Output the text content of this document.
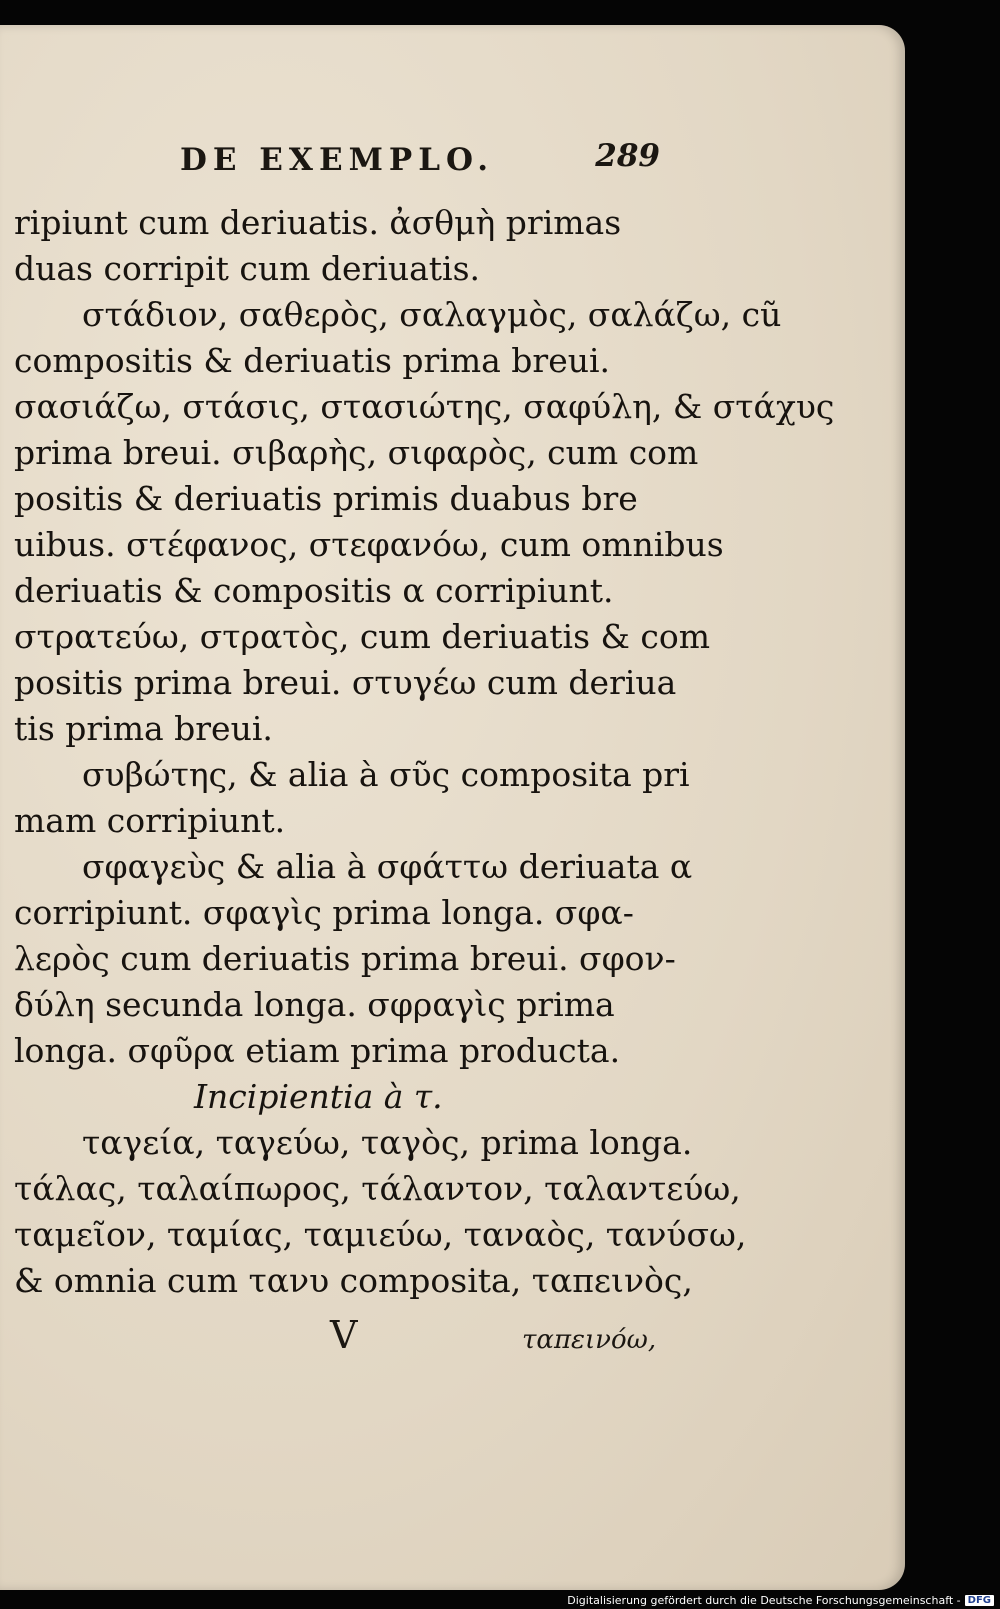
DE EXEMPLO.	289
ripiunt cum deriuatis. ἀσθμὴ primas
duas corripit cum deriuatis.
στάδιον, σαθερὸς, σαλαγμὸς, σαλάζω, cũ
compositis & deriuatis prima breui.
σασιάζω, στάσις, στασιώτης, σαφύλη, & στάχυς
prima breui. σιβαρὴς, σιφαρὸς, cum com
positis & deriuatis primis duabus bre
uibus. στέφανος, στεφανόω, cum omnibus
deriuatis & compositis α corripiunt.
στρατεύω, στρατὸς, cum deriuatis & com
positis prima breui. στυγέω cum deriua
tis prima breui.
συβώτης, & alia à σῦς composita pri
mam corripiunt.
σφαγεὺς & alia à σφάττω deriuata α
corripiunt. σφαγὶς prima longa. σφα-
λερὸς cum deriuatis prima breui. σφον-
δύλη secunda longa. σφραγὶς prima
longa. σφῦρα etiam prima producta.
Incipientia à τ.
ταγεία, ταγεύω, ταγὸς, prima longa.
τάλας, ταλαίπωρος, τάλαντον, ταλαντεύω,
ταμεῖον, ταμίας, ταμιεύω, ταναὸς, τανύσω,
& omnia cum τανυ composita, ταπεινὸς,
V	ταπεινόω,
Digitalisierung gefördert durch die Deutsche Forschungsgemeinschaft - DFG
